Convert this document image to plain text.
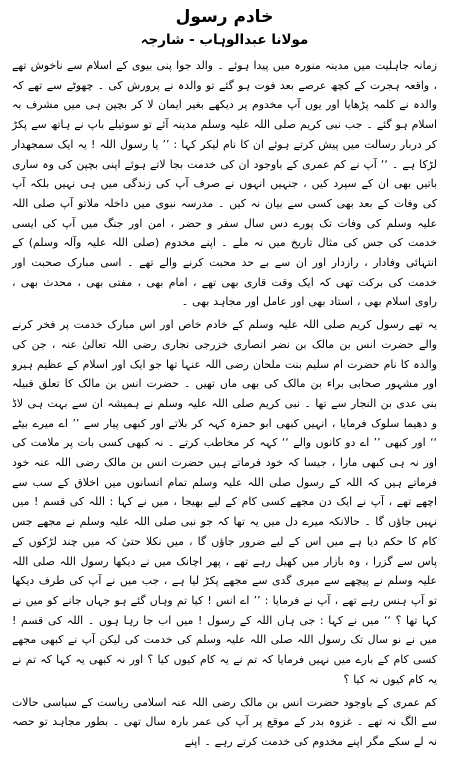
خادم رسول
مولانا عبدالوہاب - شارجہ

زمانہ جاہلیت میں مدینہ منورہ میں پیدا ہوئے ۔ والد جوا پنی بیوی کے اسلام سے ناخوش تھے ، واقعہ ہجرت کے کچھ عرصے بعد فوت ہو گئے تو والدہ نے پرورش کی ۔ چھوٹے سے تھے کہ والدہ نے کلمہ پڑھایا اور یوں آپ مخدوم پر دیکھے بغیر ایمان لا کر بچپن ہی میں مشرف بہ اسلام ہو گئے ۔ جب نبی کریم صلی اللہ علیہ وسلم مدینہ آئے تو سوتیلے باپ نے ہاتھ سے پکڑ کر دربار رسالت میں پیش کرتے ہوئے ان کا نام لیکر کہا : ’’ یا رسول اللہ ! یہ ایک سمجھدار لڑکا ہے ۔ ‘‘ آپ نے کم عمری کے باوجود ان کی خدمت بجا لاتے ہوئے اپنی بچپن کی وہ ساری باتیں بھی ان کے سپرد کیں ، جنہیں انہوں نے صرف آپ کی زندگی میں ہی نہیں بلکہ آپ کی وفات کے بعد بھی کسی سے بیان نہ کیں ۔ مدرسہ نبوی میں داخلہ ملاتو آپ صلی اللہ علیہ وسلم کی وفات تک پورے دس سال سفر و حضر ، امن اور جنگ میں آپ کی ایسی خدمت کی جس کی مثال تاریخ میں نہ ملے ۔ اپنے مخدوم (صلی اللہ علیہ وآلہ وسلم) کے انتہائی وفادار ، رازدار اور ان سے بے حد محبت کرنے والے تھے ۔ اسی مبارک صحبت اور خدمت کی برکت تھی کہ ایک وقت قاری بھی تھے ، امام بھی ، مفتی بھی ، محدث بھی ، راوی اسلام بھی ، استاد بھی اور عامل اور مجاہد بھی ۔

یہ تھے رسول کریم صلی اللہ علیہ وسلم کے خادم خاص اور اس مبارک خدمت پر فخر کرنے والے حضرت انس بن مالک بن نضر انصاری خزرجی نجاری رضی اللہ تعالیٰ عنہ ، جن کی والدہ کا نام حضرت ام سلیم بنت ملحان رضی اللہ عنہا تھا جو ایک اور اسلام کے عظیم ہیرو اور مشہور صحابی براء بن مالک کی بھی ماں تھیں ۔ حضرت انس بن مالک کا تعلق قبیلہ بنی عدی بن النجار سے تھا ۔ نبی کریم صلی اللہ علیہ وسلم نے ہمیشہ ان سے بہت ہی لاڈ و دھیما سلوک فرمایا ، انہیں کبھی ابو حمزہ کہہ کر بلاتے اور کبھی پیار سے ’’ اے میرے بیٹے ‘‘ اور کبھی ’’ اے دو کانوں والے ‘‘ کہہ کر مخاطب کرتے ۔ نہ کبھی کسی بات پر ملامت کی اور نہ ہی کبھی مارا ، جیسا کہ خود فرماتے ہیں حضرت انس بن مالک رضی اللہ عنہ خود فرماتے ہیں کہ اللہ کے رسول صلی اللہ علیہ وسلم تمام انسانوں میں اخلاق کے سب سے اچھے تھے ، آپ نے ایک دن مجھے کسی کام کے لیے بھیجا ، میں نے کہا : اللہ کی قسم ! میں نہیں جاؤں گا ۔ حالانکہ میرے دل میں یہ تھا کہ جو نبی صلی اللہ علیہ وسلم نے مجھے جس کام کا حکم دیا ہے میں اس کے لیے ضرور جاؤں گا ، میں نکلا حتیٰ کہ میں چند لڑکوں کے پاس سے گزرا ، وہ بازار میں کھیل رہے تھے ، پھر اچانک میں نے دیکھا رسول اللہ صلی اللہ علیہ وسلم نے پیچھے سے میری گدی سے مجھے پکڑ لیا ہے ، جب میں نے آپ کی طرف دیکھا تو آپ ہنس رہے تھے ، آپ نے فرمایا : ’’ اے انس ! کیا تم وہاں گئے ہو جہاں جانے کو میں نے کہا تھا ؟ ‘‘ میں نے کہا : جی ہاں اللہ کے رسول ! میں اب جا رہا ہوں ۔ اللہ کی قسم ! میں نے نو سال تک رسول اللہ صلی اللہ علیہ وسلم کی خدمت کی لیکن آپ نے کبھی مجھے کسی کام کے بارے میں نہیں فرمایا کہ تم نے یہ کام کیوں کیا ؟ اور نہ کبھی یہ کہا کہ تم نے یہ کام کیوں نہ کیا ؟

کم عمری کے باوجود حضرت انس بن مالک رضی اللہ عنہ اسلامی ریاست کے سیاسی حالات سے الگ نہ تھے ۔ غزوہ بدر کے موقع پر آپ کی عمر بارہ سال تھی ۔ بطور مجاہد تو حصہ نہ لے سکے مگر اپنے مخدوم کی خدمت کرتے رہے ۔ اپنے
